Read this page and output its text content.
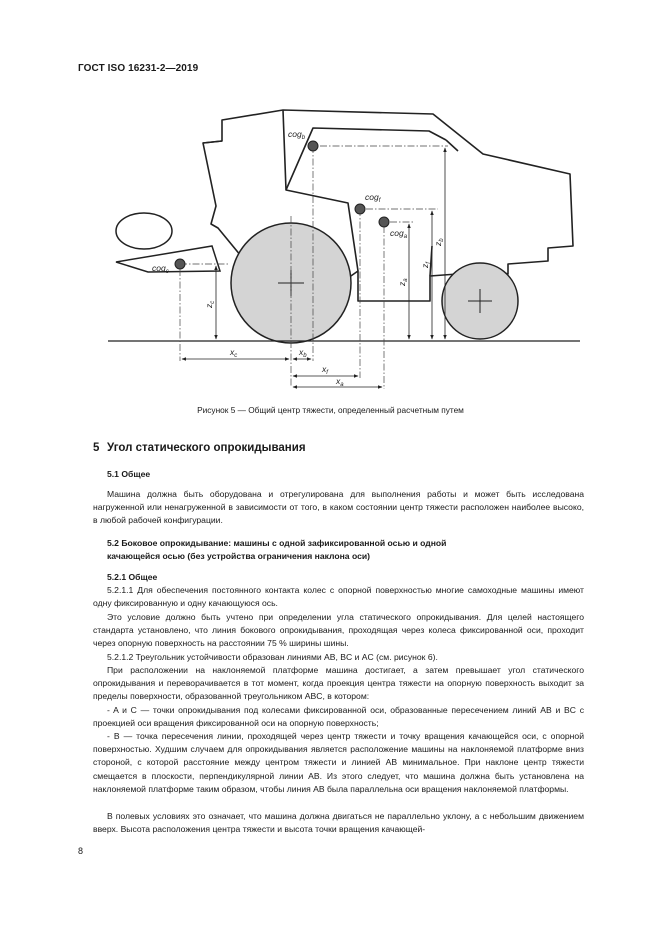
ГОСТ ISO 16231-2—2019
cog$_b$
cog$_f$
cog$_a$
cog$_c$
$z_c$
$z_a$
$z_f$
$z_b$
$x_c$	$x_b$
$x_f$
$x_a$
Рисунок 5 — Общий центр тяжести, определенный расчетным путем
5 Угол статического опрокидывания
5.1 Общее

Машина должна быть оборудована и отрегулирована для выполнения работы и может быть исследована нагруженной или ненагруженной в зависимости от того, в каком состоянии центр тяжести расположен наиболее высоко, в любой рабочей конфигурации.

5.2 Боковое опрокидывание: машины с одной зафиксированной осью и одной
качающейся осью (без устройства ограничения наклона оси)
5.2.1 Общее

5.2.1.1 Для обеспечения постоянного контакта колес с опорной поверхностью многие самоходные машины имеют одну фиксированную и одну качающуюся ось.

Это условие должно быть учтено при определении угла статического опрокидывания. Для целей настоящего стандарта установлено, что линия бокового опрокидывания, проходящая через колеса фиксированной оси, проходит через опорную поверхность на расстоянии 75 % ширины шины.

5.2.1.2 Треугольник устойчивости образован линиями AB, BC и AC (см. рисунок 6).

При расположении на наклоняемой платформе машина достигает, а затем превышает угол статического опрокидывания и переворачивается в тот момент, когда проекция центра тяжести на опорную поверхность выходит за пределы поверхности, образованной треугольником ABC, в котором:

- A и C — точки опрокидывания под колесами фиксированной оси, образованные пересечением линий AB и BC с проекцией оси вращения фиксированной оси на опорную поверхность;

- B — точка пересечения линии, проходящей через центр тяжести и точку вращения качающейся оси, с опорной поверхностью. Худшим случаем для опрокидывания является расположение машины на наклоняемой платформе вниз стороной, с которой расстояние между центром тяжести и линией AB минимальное. При наклоне центр тяжести смещается в плоскости, перпендикулярной линии AB. Из этого следует, что машина должна быть установлена на наклоняемой платформе таким образом, чтобы линия AB была параллельна оси вращения наклоняемой платформы.

В полевых условиях это означает, что машина должна двигаться не параллельно уклону, а с небольшим движением вверх. Высота расположения центра тяжести и высота точки вращения качающей-

8
